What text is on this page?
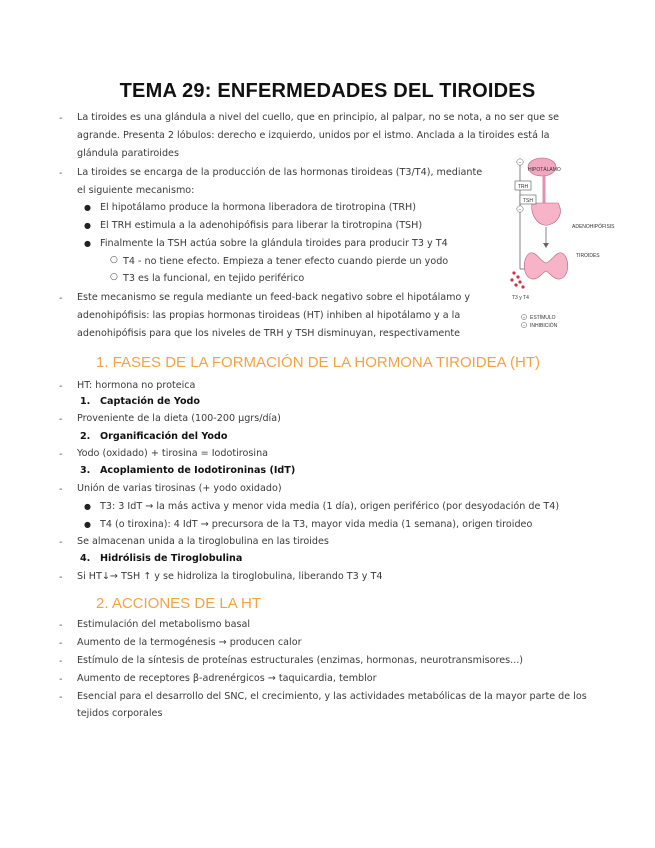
TEMA 29: ENFERMEDADES DEL TIROIDES
- La tiroides es una glándula a nivel del cuello, que en principio, al palpar, no se nota, a no ser que se
agrande. Presenta 2 lóbulos: derecho e izquierdo, unidos por el istmo. Anclada a la tiroides está la
glándula paratiroides
- La tiroides se encarga de la producción de las hormonas tiroideas (T3/T4), mediante
el siguiente mecanismo:
● El hipotálamo produce la hormona liberadora de tirotropina (TRH)
● El TRH estimula a la adenohipófisis para liberar la tirotropina (TSH)
● Finalmente la TSH actúa sobre la glándula tiroides para producir T3 y T4
○ T4 - no tiene efecto. Empieza a tener efecto cuando pierde un yodo
○ T3 es la funcional, en tejido periférico
- Este mecanismo se regula mediante un feed-back negativo sobre el hipotálamo y
adenohipófisis: las propias hormonas tiroideas (HT) inhiben al hipotálamo y a la
adenohipófisis para que los niveles de TRH y TSH disminuyan, respectivamente
TRH
TSH
−
−
HIPOTÁLAMO
ADENOHIPÓFISIS
TIROIDES
T3 y T4
+ ESTÍMULO
− INHIBICIÓN
1. FASES DE LA FORMACIÓN DE LA HORMONA TIROIDEA (HT)
- HT: hormona no proteica
1. Captación de Yodo
- Proveniente de la dieta (100-200 µgrs/día)
2. Organificación del Yodo
- Yodo (oxidado) + tirosina = Iodotirosina
3. Acoplamiento de Iodotironinas (IdT)
- Unión de varias tirosinas (+ yodo oxidado)
● T3: 3 IdT → la más activa y menor vida media (1 día), origen periférico (por desyodación de T4)
● T4 (o tiroxina): 4 IdT → precursora de la T3, mayor vida media (1 semana), origen tiroideo
- Se almacenan unida a la tiroglobulina en las tiroides
4. Hidrólisis de Tiroglobulina
- Si HT↓→ TSH ↑ y se hidroliza la tiroglobulina, liberando T3 y T4
2. ACCIONES DE LA HT
- Estimulación del metabolismo basal
- Aumento de la termogénesis → producen calor
- Estímulo de la síntesis de proteínas estructurales (enzimas, hormonas, neurotransmisores...)
- Aumento de receptores β-adrenérgicos → taquicardia, temblor
- Esencial para el desarrollo del SNC, el crecimiento, y las actividades metabólicas de la mayor parte de los
tejidos corporales
